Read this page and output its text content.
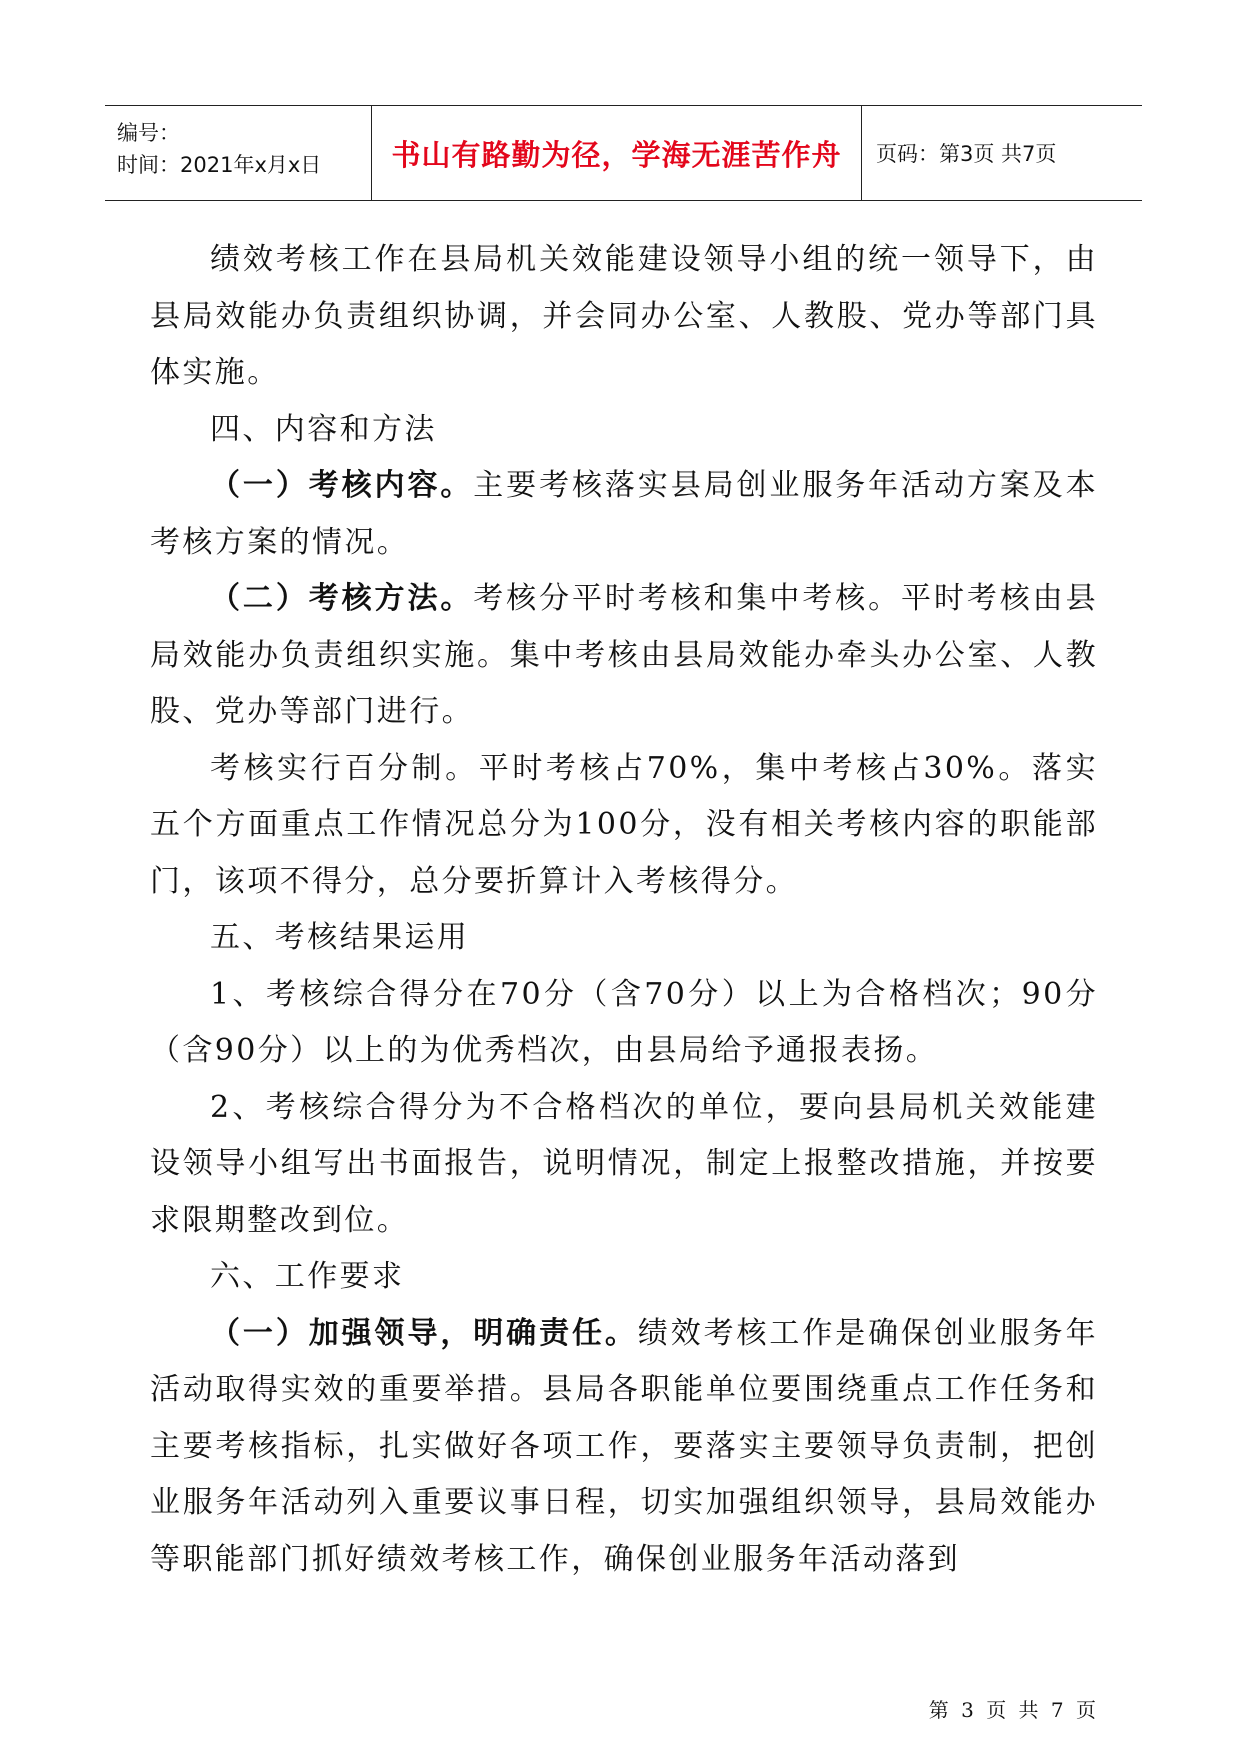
编号：
时间：2021年x月x日	书山有路勤为径，学海无涯苦作舟	页码：第3页 共7页

绩效考核工作在县局机关效能建设领导小组的统一领导下，由县局效能办负责组织协调，并会同办公室、人教股、党办等部门具体实施。

四、内容和方法

（一）考核内容。主要考核落实县局创业服务年活动方案及本考核方案的情况。

（二）考核方法。考核分平时考核和集中考核。平时考核由县局效能办负责组织实施。集中考核由县局效能办牵头办公室、人教股、党办等部门进行。

考核实行百分制。平时考核占70%，集中考核占30%。落实五个方面重点工作情况总分为100分，没有相关考核内容的职能部门，该项不得分，总分要折算计入考核得分。

五、考核结果运用

1、考核综合得分在70分（含70分）以上为合格档次；90分（含90分）以上的为优秀档次，由县局给予通报表扬。

2、考核综合得分为不合格档次的单位，要向县局机关效能建设领导小组写出书面报告，说明情况，制定上报整改措施，并按要求限期整改到位。

六、工作要求

（一）加强领导，明确责任。绩效考核工作是确保创业服务年活动取得实效的重要举措。县局各职能单位要围绕重点工作任务和主要考核指标，扎实做好各项工作，要落实主要领导负责制，把创业服务年活动列入重要议事日程，切实加强组织领导，县局效能办等职能部门抓好绩效考核工作，确保创业服务年活动落到

第 3 页 共 7 页
